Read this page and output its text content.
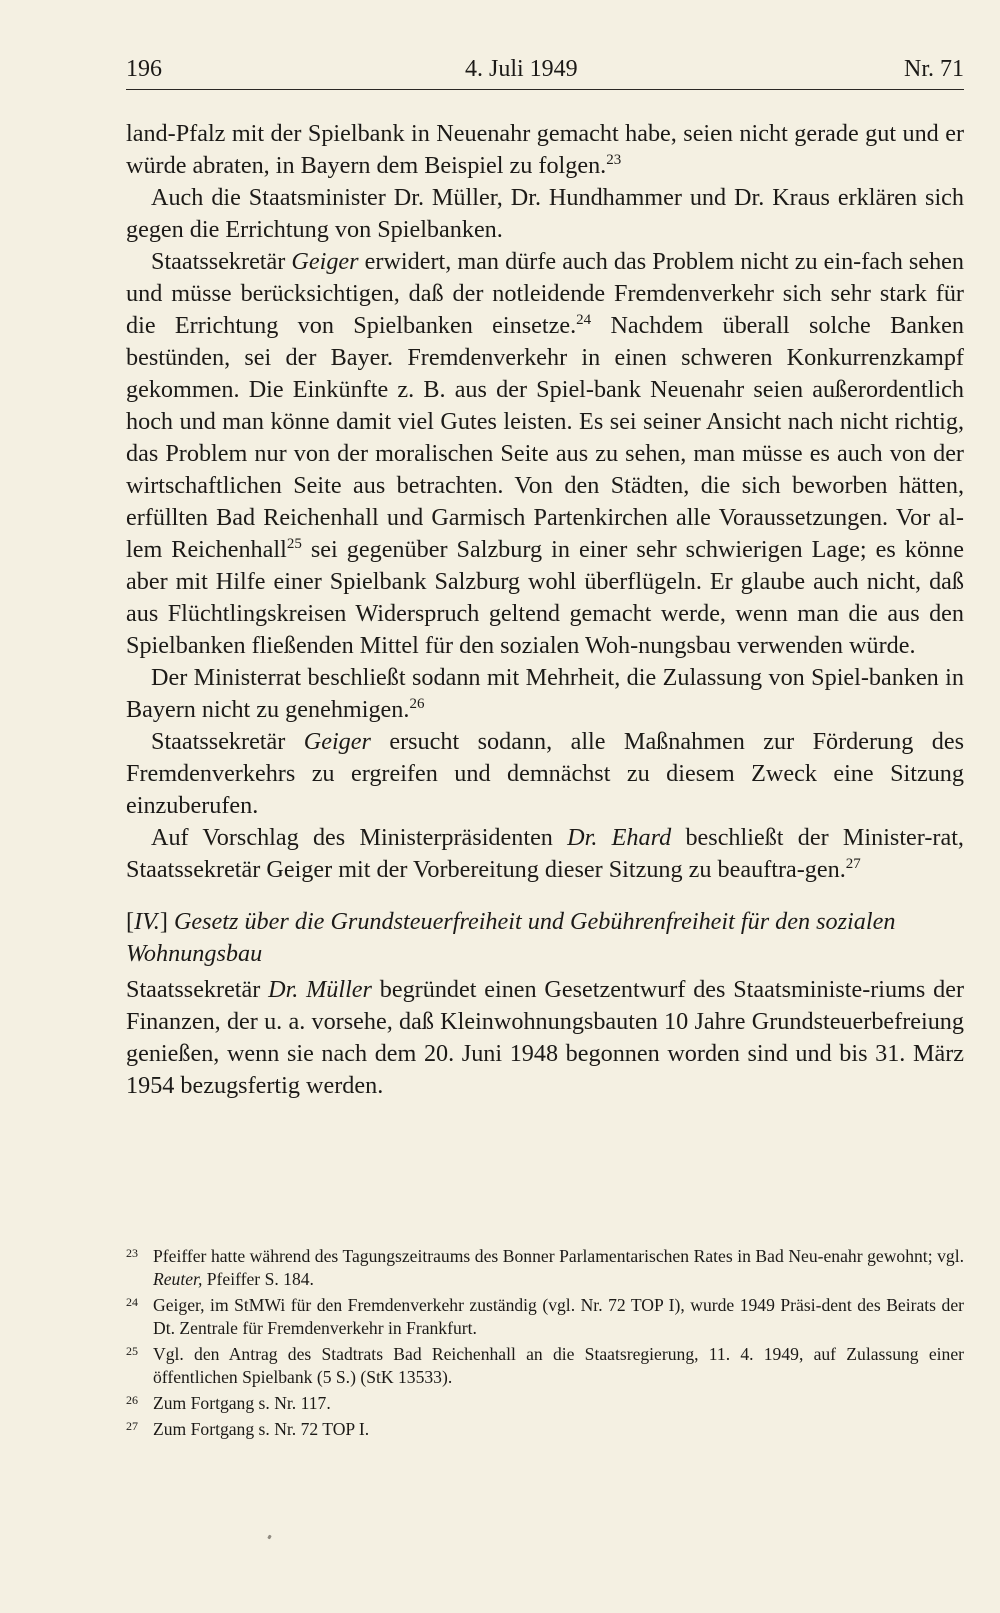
196	4. Juli 1949	Nr. 71

land-Pfalz mit der Spielbank in Neuenahr gemacht habe, seien nicht gerade gut und er würde abraten, in Bayern dem Beispiel zu folgen.$^{23}$

Auch die Staatsminister Dr. Müller, Dr. Hundhammer und Dr. Kraus erklären sich gegen die Errichtung von Spielbanken.

Staatssekretär Geiger erwidert, man dürfe auch das Problem nicht zu ein-fach sehen und müsse berücksichtigen, daß der notleidende Fremdenverkehr sich sehr stark für die Errichtung von Spielbanken einsetze.$^{24}$ Nachdem überall solche Banken bestünden, sei der Bayer. Fremdenverkehr in einen schweren Konkurrenzkampf gekommen. Die Einkünfte z. B. aus der Spiel-bank Neuenahr seien außerordentlich hoch und man könne damit viel Gutes leisten. Es sei seiner Ansicht nach nicht richtig, das Problem nur von der moralischen Seite aus zu sehen, man müsse es auch von der wirtschaftlichen Seite aus betrachten. Von den Städten, die sich beworben hätten, erfüllten Bad Reichenhall und Garmisch Partenkirchen alle Voraussetzungen. Vor al-lem Reichenhall$^{25}$ sei gegenüber Salzburg in einer sehr schwierigen Lage; es könne aber mit Hilfe einer Spielbank Salzburg wohl überflügeln. Er glaube auch nicht, daß aus Flüchtlingskreisen Widerspruch geltend gemacht werde, wenn man die aus den Spielbanken fließenden Mittel für den sozialen Woh-nungsbau verwenden würde.

Der Ministerrat beschließt sodann mit Mehrheit, die Zulassung von Spiel-banken in Bayern nicht zu genehmigen.$^{26}$

Staatssekretär Geiger ersucht sodann, alle Maßnahmen zur Förderung des Fremdenverkehrs zu ergreifen und demnächst zu diesem Zweck eine Sitzung einzuberufen.

Auf Vorschlag des Ministerpräsidenten Dr. Ehard beschließt der Minister-rat, Staatssekretär Geiger mit der Vorbereitung dieser Sitzung zu beauftra-gen.$^{27}$

[IV.] Gesetz über die Grundsteuerfreiheit und Gebührenfreiheit für den sozialen Wohnungsbau

Staatssekretär Dr. Müller begründet einen Gesetzentwurf des Staatsministe-riums der Finanzen, der u. a. vorsehe, daß Kleinwohnungsbauten 10 Jahre Grundsteuerbefreiung genießen, wenn sie nach dem 20. Juni 1948 begonnen worden sind und bis 31. März 1954 bezugsfertig werden.

23 Pfeiffer hatte während des Tagungszeitraums des Bonner Parlamentarischen Rates in Bad Neu-enahr gewohnt; vgl. Reuter, Pfeiffer S. 184.
24 Geiger, im StMWi für den Fremdenverkehr zuständig (vgl. Nr. 72 TOP I), wurde 1949 Präsi-dent des Beirats der Dt. Zentrale für Fremdenverkehr in Frankfurt.
25 Vgl. den Antrag des Stadtrats Bad Reichenhall an die Staatsregierung, 11. 4. 1949, auf Zulassung einer öffentlichen Spielbank (5 S.) (StK 13533).
26 Zum Fortgang s. Nr. 117.
27 Zum Fortgang s. Nr. 72 TOP I.
